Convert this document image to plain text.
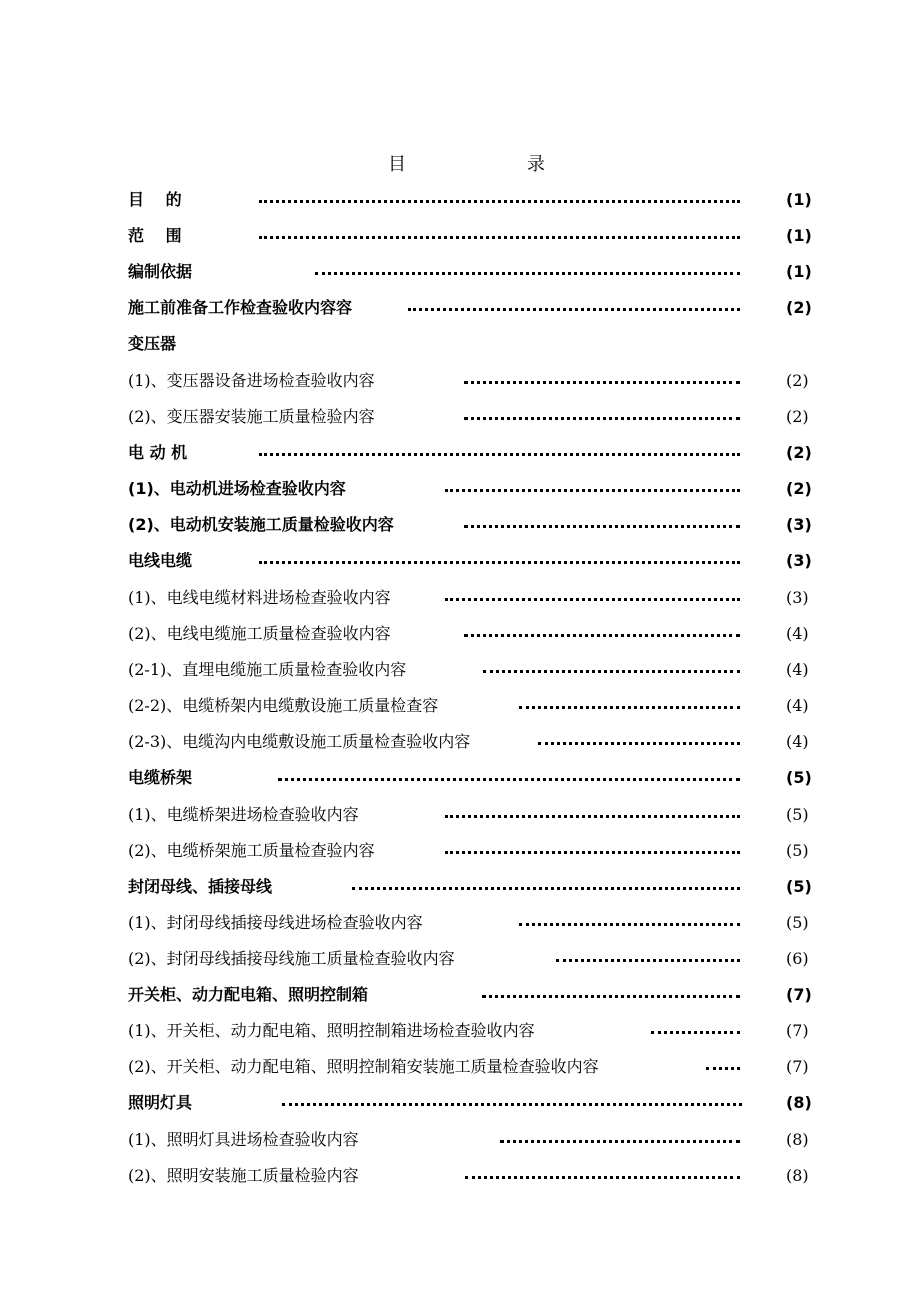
目	录
目　 的	(1)
范　 围	(1)
编制依据	(1)
施工前准备工作检查验收内容容	(2)
变压器
(1)、变压器设备进场检查验收内容	(2)
(2)、变压器安装施工质量检验内容	(2)
电 动 机	(2)
(1)、电动机进场检查验收内容	(2)
(2)、电动机安装施工质量检验收内容	(3)
电线电缆	(3)
(1)、电线电缆材料进场检查验收内容	(3)
(2)、电线电缆施工质量检查验收内容	(4)
(2-1)、直埋电缆施工质量检查验收内容	(4)
(2-2)、电缆桥架内电缆敷设施工质量检查容	(4)
(2-3)、电缆沟内电缆敷设施工质量检查验收内容	(4)
电缆桥架	(5)
(1)、电缆桥架进场检查验收内容	(5)
(2)、电缆桥架施工质量检查验内容	(5)
封闭母线、插接母线	(5)
(1)、封闭母线插接母线进场检查验收内容	(5)
(2)、封闭母线插接母线施工质量检查验收内容	(6)
开关柜、动力配电箱、照明控制箱	(7)
(1)、开关柜、动力配电箱、照明控制箱进场检查验收内容	(7)
(2)、开关柜、动力配电箱、照明控制箱安装施工质量检查验收内容	(7)
照明灯具	(8)
(1)、照明灯具进场检查验收内容	(8)
(2)、照明安装施工质量检验内容	(8)
